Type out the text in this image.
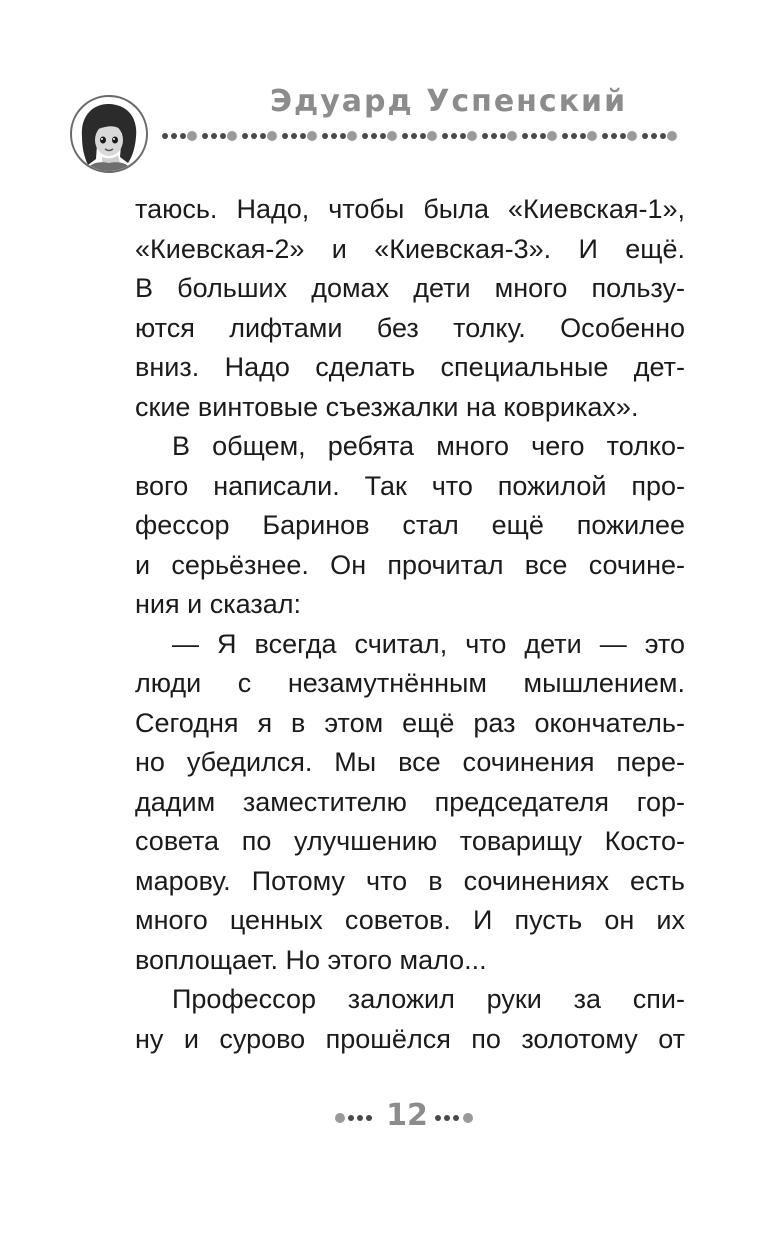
Эдуард Успенский
таюсь. Надо, чтобы была «Киевская-1»,
«Киевская-2» и «Киевская-3». И ещё.
В больших домах дети много пользу-
ются лифтами без толку. Особенно
вниз. Надо сделать специальные дет-
ские винтовые съезжалки на ковриках».
В общем, ребята много чего толко-
вого написали. Так что пожилой про-
фессор Баринов стал ещё пожилее
и серьёзнее. Он прочитал все сочине-
ния и сказал:
— Я всегда считал, что дети — это
люди с незамутнённым мышлением.
Сегодня я в этом ещё раз окончатель-
но убедился. Мы все сочинения пере-
дадим заместителю председателя гор-
совета по улучшению товарищу Косто-
марову. Потому что в сочинениях есть
много ценных советов. И пусть он их
воплощает. Но этого мало...
Профессор заложил руки за спи-
ну и сурово прошёлся по золотому от
12
